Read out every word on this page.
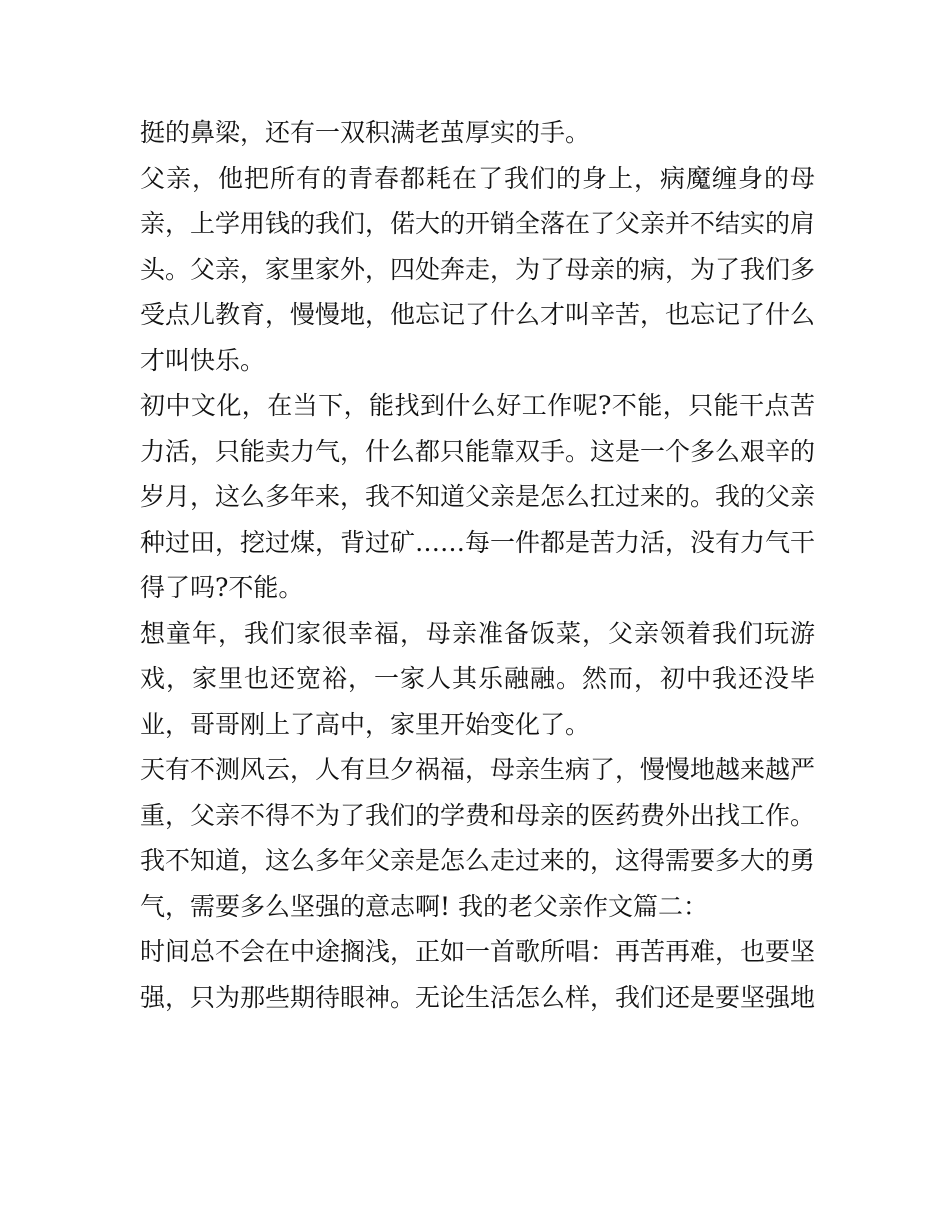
挺的鼻梁，还有一双积满老茧厚实的手。
父亲，他把所有的青春都耗在了我们的身上，病魔缠身的母
亲，上学用钱的我们，偌大的开销全落在了父亲并不结实的肩
头。父亲，家里家外，四处奔走，为了母亲的病，为了我们多
受点儿教育，慢慢地，他忘记了什么才叫辛苦，也忘记了什么
才叫快乐。
初中文化，在当下，能找到什么好工作呢?不能，只能干点苦
力活，只能卖力气，什么都只能靠双手。这是一个多么艰辛的
岁月，这么多年来，我不知道父亲是怎么扛过来的。我的父亲
种过田，挖过煤，背过矿……每一件都是苦力活，没有力气干
得了吗?不能。
想童年，我们家很幸福，母亲准备饭菜，父亲领着我们玩游
戏，家里也还宽裕，一家人其乐融融。然而，初中我还没毕
业，哥哥刚上了高中，家里开始变化了。
天有不测风云，人有旦夕祸福，母亲生病了，慢慢地越来越严
重，父亲不得不为了我们的学费和母亲的医药费外出找工作。
我不知道，这么多年父亲是怎么走过来的，这得需要多大的勇
气，需要多么坚强的意志啊! 我的老父亲作文篇二：
时间总不会在中途搁浅，正如一首歌所唱：再苦再难，也要坚
强，只为那些期待眼神。无论生活怎么样，我们还是要坚强地
